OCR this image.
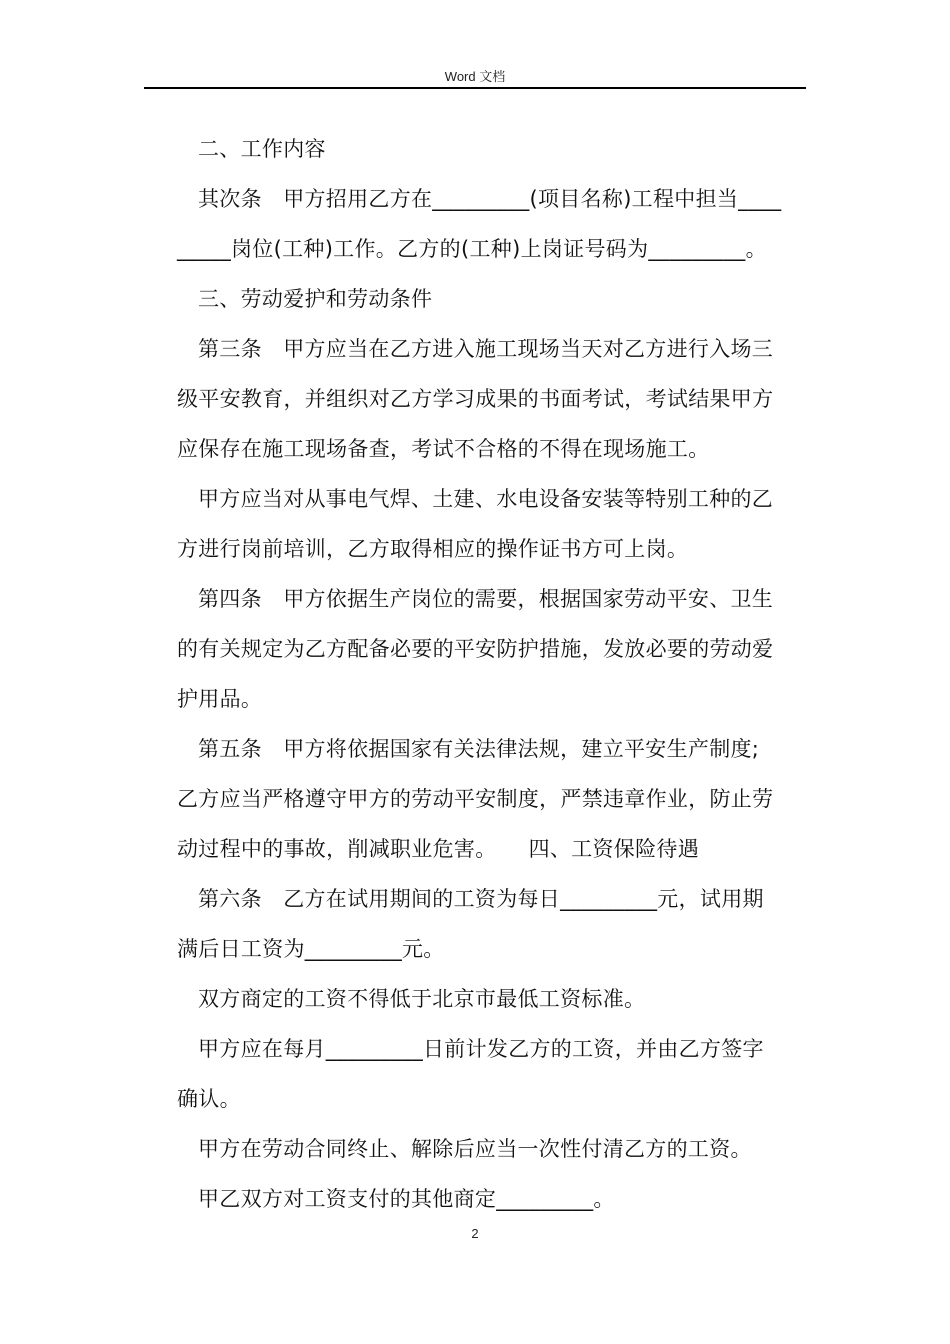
Word 文档
二、工作内容
其次条　甲方招用乙方在_________(项目名称)工程中担当____
_____岗位(工种)工作。乙方的(工种)上岗证号码为_________。
三、劳动爱护和劳动条件
第三条　甲方应当在乙方进入施工现场当天对乙方进行入场三
级平安教育，并组织对乙方学习成果的书面考试，考试结果甲方
应保存在施工现场备查，考试不合格的不得在现场施工。
甲方应当对从事电气焊、土建、水电设备安装等特别工种的乙
方进行岗前培训，乙方取得相应的操作证书方可上岗。
第四条　甲方依据生产岗位的需要，根据国家劳动平安、卫生
的有关规定为乙方配备必要的平安防护措施，发放必要的劳动爱
护用品。
第五条　甲方将依据国家有关法律法规，建立平安生产制度;
乙方应当严格遵守甲方的劳动平安制度，严禁违章作业，防止劳
动过程中的事故，削减职业危害。　　四、工资保险待遇
第六条　乙方在试用期间的工资为每日_________元，试用期
满后日工资为_________元。
双方商定的工资不得低于北京市最低工资标准。
甲方应在每月_________日前计发乙方的工资，并由乙方签字
确认。
甲方在劳动合同终止、解除后应当一次性付清乙方的工资。
甲乙双方对工资支付的其他商定_________。
2
